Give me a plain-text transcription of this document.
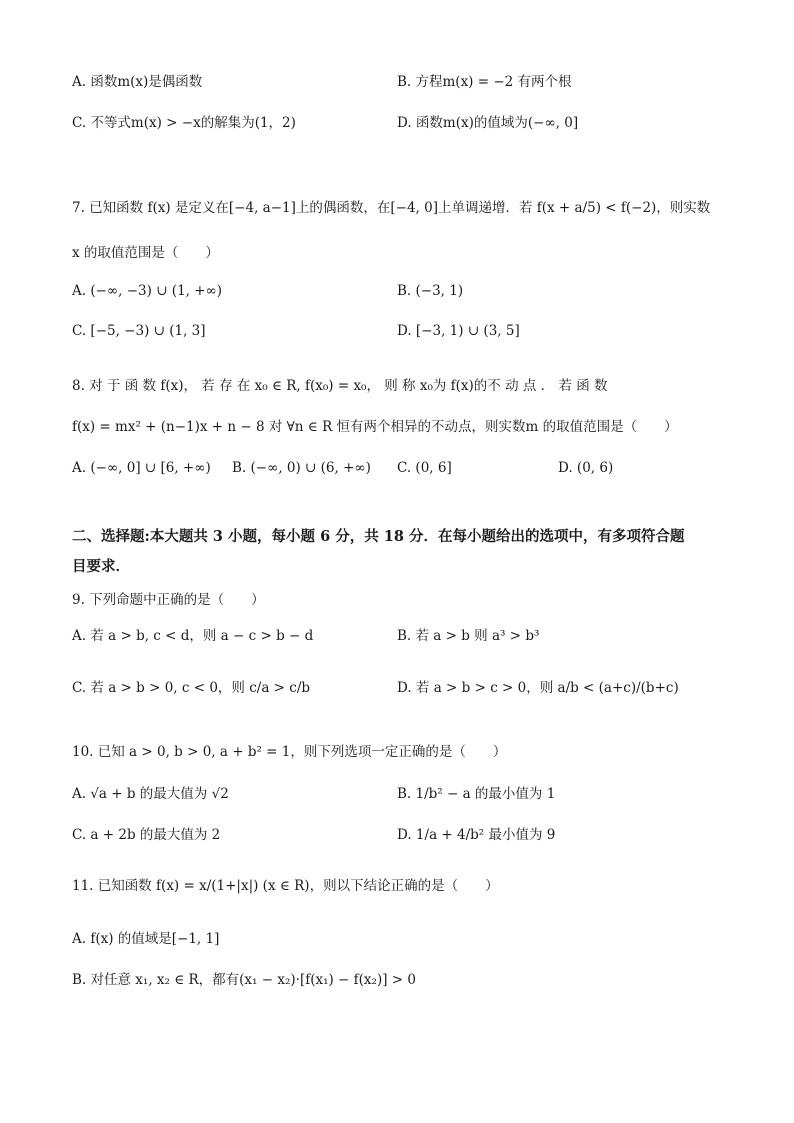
A. 函数m(x)是偶函数	B. 方程m(x) = −2 有两个根
C. 不等式m(x) > −x的解集为(1，2)	D. 函数m(x)的值域为(−∞, 0]
7. 已知函数 f(x) 是定义在[−4, a−1]上的偶函数，在[−4, 0]上单调递增．若 f(x + a/5) < f(−2)，则实数
x 的取值范围是（　　）
A. (−∞, −3) ∪ (1, +∞)	B. (−3, 1)
C. [−5, −3) ∪ (1, 3]	D. [−3, 1) ∪ (3, 5]
8. 对 于 函 数 f(x)， 若 存 在 x₀ ∈ R, f(x₀) = x₀， 则 称 x₀为 f(x)的不 动 点 ． 若 函 数
f(x) = mx² + (n−1)x + n − 8 对 ∀n ∈ R 恒有两个相异的不动点，则实数m 的取值范围是（　　）
A. (−∞, 0] ∪ [6, +∞) B. (−∞, 0) ∪ (6, +∞) C. (0, 6]	D. (0, 6)
二、选择题:本大题共 3 小题，每小题 6 分，共 18 分．在每小题给出的选项中，有多项符合题
目要求．
9. 下列命题中正确的是（　　）
A. 若 a > b, c < d，则 a − c > b − d	B. 若 a > b 则 a³ > b³
C. 若 a > b > 0, c < 0，则 c/a > c/b	D. 若 a > b > c > 0，则 a/b < (a+c)/(b+c)
10. 已知 a > 0, b > 0, a + b² = 1，则下列选项一定正确的是（　　）
A. √a + b 的最大值为 √2	B. 1/b² − a 的最小值为 1
C. a + 2b 的最大值为 2	D. 1/a + 4/b² 最小值为 9
11. 已知函数 f(x) = x/(1+|x|) (x ∈ R)，则以下结论正确的是（　　）
A. f(x) 的值域是[−1, 1]
B. 对任意 x₁, x₂ ∈ R，都有(x₁ − x₂)·[f(x₁) − f(x₂)] > 0
